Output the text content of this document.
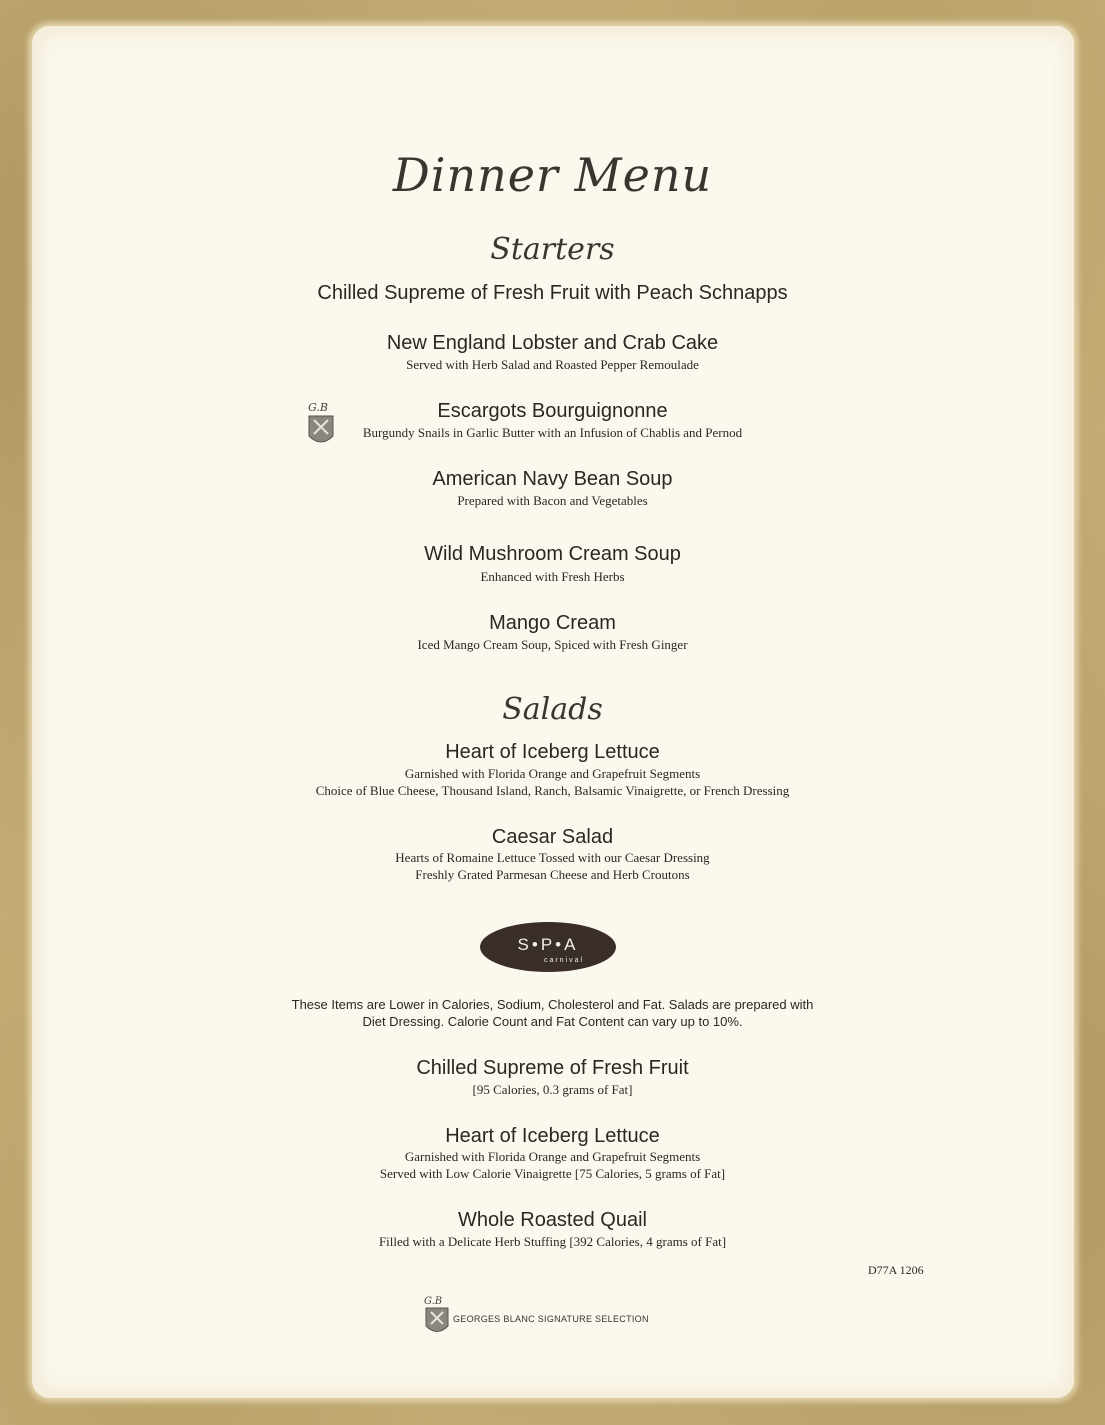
Dinner Menu
Starters
Chilled Supreme of Fresh Fruit with Peach Schnapps
New England Lobster and Crab Cake
Served with Herb Salad and Roasted Pepper Remoulade
G.B	Escargots Bourguignonne
Burgundy Snails in Garlic Butter with an Infusion of Chablis and Pernod
American Navy Bean Soup
Prepared with Bacon and Vegetables
Wild Mushroom Cream Soup
Enhanced with Fresh Herbs
Mango Cream
Iced Mango Cream Soup, Spiced with Fresh Ginger
Salads
Heart of Iceberg Lettuce
Garnished with Florida Orange and Grapefruit Segments
Choice of Blue Cheese, Thousand Island, Ranch, Balsamic Vinaigrette, or French Dressing
Caesar Salad
Hearts of Romaine Lettuce Tossed with our Caesar Dressing
Freshly Grated Parmesan Cheese and Herb Croutons
S•P•A
carnival
These Items are Lower in Calories, Sodium, Cholesterol and Fat. Salads are prepared with
Diet Dressing. Calorie Count and Fat Content can vary up to 10%.
Chilled Supreme of Fresh Fruit
[95 Calories, 0.3 grams of Fat]
Heart of Iceberg Lettuce
Garnished with Florida Orange and Grapefruit Segments
Served with Low Calorie Vinaigrette [75 Calories, 5 grams of Fat]
Whole Roasted Quail
Filled with a Delicate Herb Stuffing [392 Calories, 4 grams of Fat]
D77A 1206
G.B
GEORGES BLANC SIGNATURE SELECTION
